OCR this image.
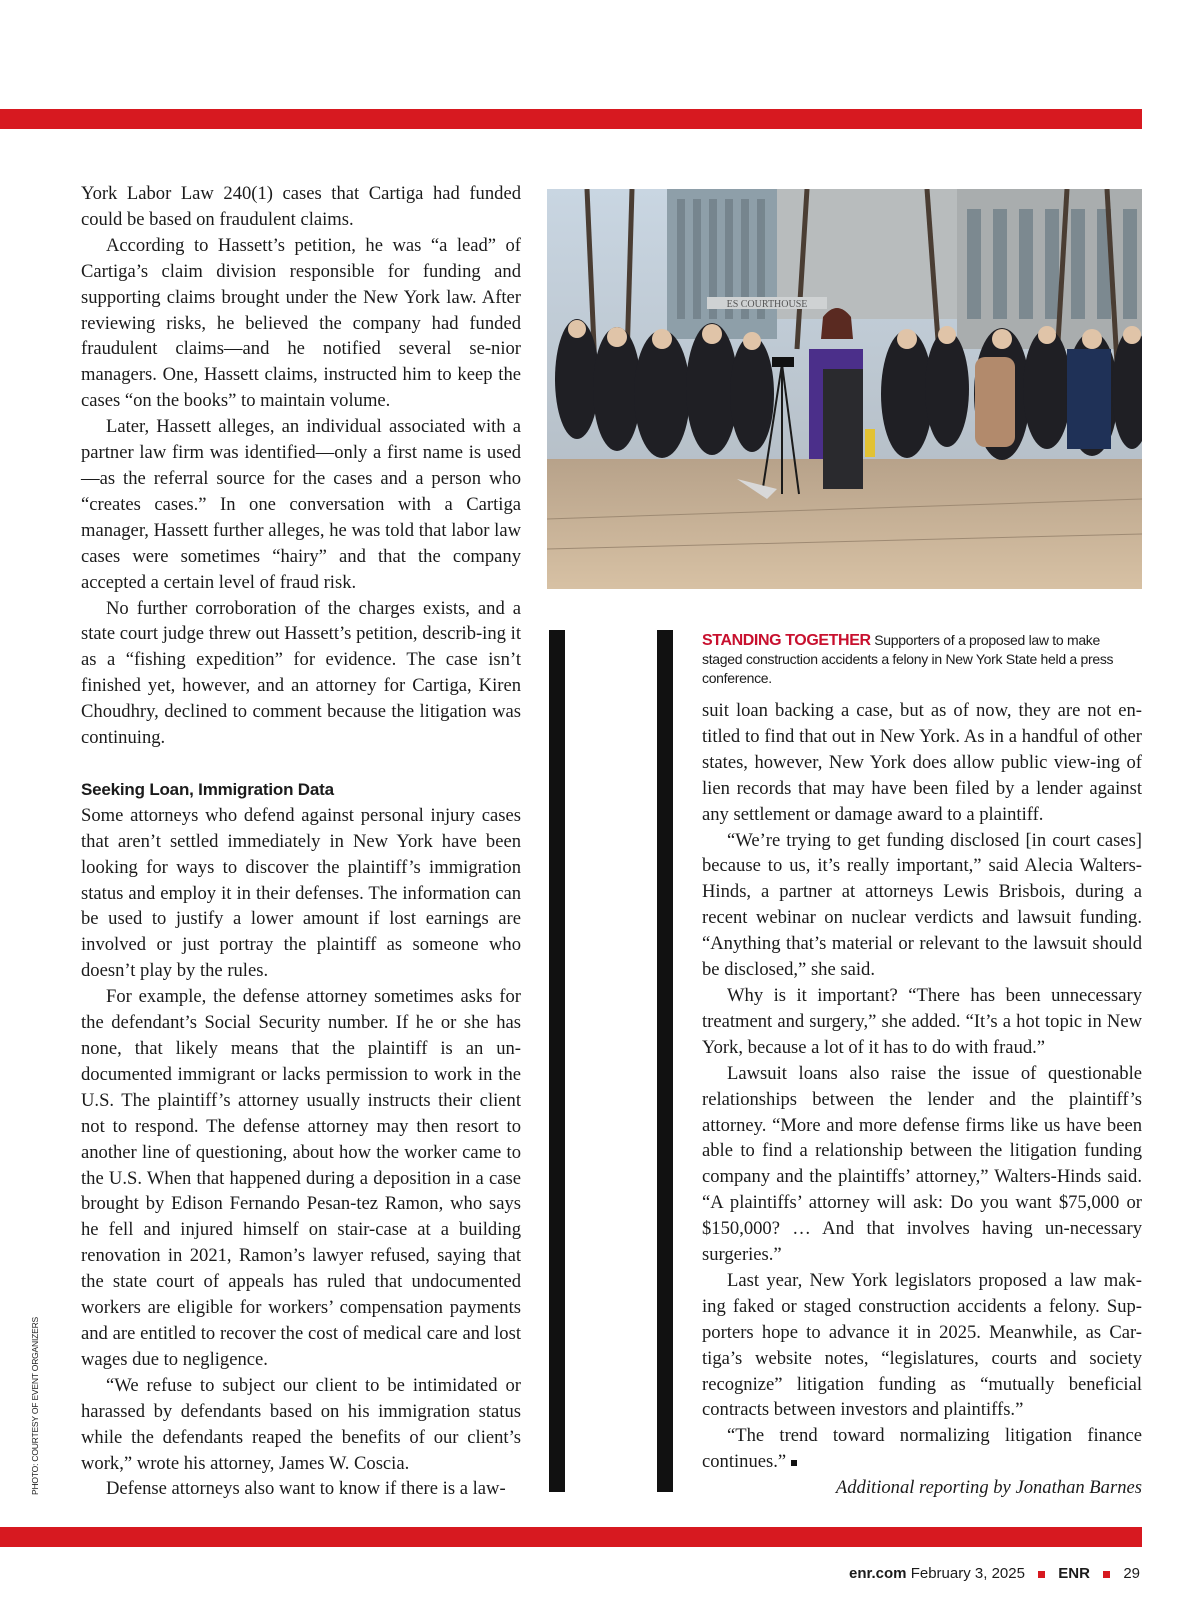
York Labor Law 240(1) cases that Cartiga had funded could be based on fraudulent claims.

According to Hassett’s petition, he was “a lead” of Cartiga’s claim division responsible for funding and supporting claims brought under the New York law. After reviewing risks, he believed the company had funded fraudulent claims—and he notified several se-nior managers. One, Hassett claims, instructed him to keep the cases “on the books” to maintain volume.

Later, Hassett alleges, an individual associated with a partner law firm was identified—only a first name is used—as the referral source for the cases and a person who “creates cases.” In one conversation with a Cartiga manager, Hassett further alleges, he was told that labor law cases were sometimes “hairy” and that the company accepted a certain level of fraud risk.

No further corroboration of the charges exists, and a state court judge threw out Hassett’s petition, describ-ing it as a “fishing expedition” for evidence. The case isn’t finished yet, however, and an attorney for Cartiga, Kiren Choudhry, declined to comment because the litigation was continuing.

Seeking Loan, Immigration Data

Some attorneys who defend against personal injury cases that aren’t settled immediately in New York have been looking for ways to discover the plaintiff’s immigration status and employ it in their defenses. The information can be used to justify a lower amount if lost earnings are involved or just portray the plaintiff as someone who doesn’t play by the rules.

For example, the defense attorney sometimes asks for the defendant’s Social Security number. If he or she has none, that likely means that the plaintiff is an un-documented immigrant or lacks permission to work in the U.S. The plaintiff’s attorney usually instructs their client not to respond. The defense attorney may then resort to another line of questioning, about how the worker came to the U.S. When that happened during a deposition in a case brought by Edison Fernando Pesan-tez Ramon, who says he fell and injured himself on stair-case at a building renovation in 2021, Ramon’s lawyer refused, saying that the state court of appeals has ruled that undocumented workers are eligible for workers’ compensation payments and are entitled to recover the cost of medical care and lost wages due to negligence.

“We refuse to subject our client to be intimidated or harassed by defendants based on his immigration status while the defendants reaped the benefits of our client’s work,” wrote his attorney, James W. Coscia.

Defense attorneys also want to know if there is a law-

ES COURTHOUSE
STANDING TOGETHER Supporters of a proposed law to make staged construction accidents a felony in New York State held a press conference.

suit loan backing a case, but as of now, they are not en-titled to find that out in New York. As in a handful of other states, however, New York does allow public view-ing of lien records that may have been filed by a lender against any settlement or damage award to a plaintiff.

“We’re trying to get funding disclosed [in court cases] because to us, it’s really important,” said Alecia Walters-Hinds, a partner at attorneys Lewis Brisbois, during a recent webinar on nuclear verdicts and lawsuit funding. “Anything that’s material or relevant to the lawsuit should be disclosed,” she said.

Why is it important? “There has been unnecessary treatment and surgery,” she added. “It’s a hot topic in New York, because a lot of it has to do with fraud.”

Lawsuit loans also raise the issue of questionable relationships between the lender and the plaintiff’s attorney. “More and more defense firms like us have been able to find a relationship between the litigation funding company and the plaintiffs’ attorney,” Walters-Hinds said. “A plaintiffs’ attorney will ask: Do you want $75,000 or $150,000? … And that involves having un-necessary surgeries.”

Last year, New York legislators proposed a law mak-ing faked or staged construction accidents a felony. Sup-porters hope to advance it in 2025. Meanwhile, as Car-tiga’s website notes, “legislatures, courts and society recognize” litigation funding as “mutually beneficial contracts between investors and plaintiffs.”

“The trend toward normalizing litigation finance continues.”

Additional reporting by Jonathan Barnes
PHOTO: COURTESY OF EVENT ORGANIZERS
enr.com February 3, 2025 ENR 29
